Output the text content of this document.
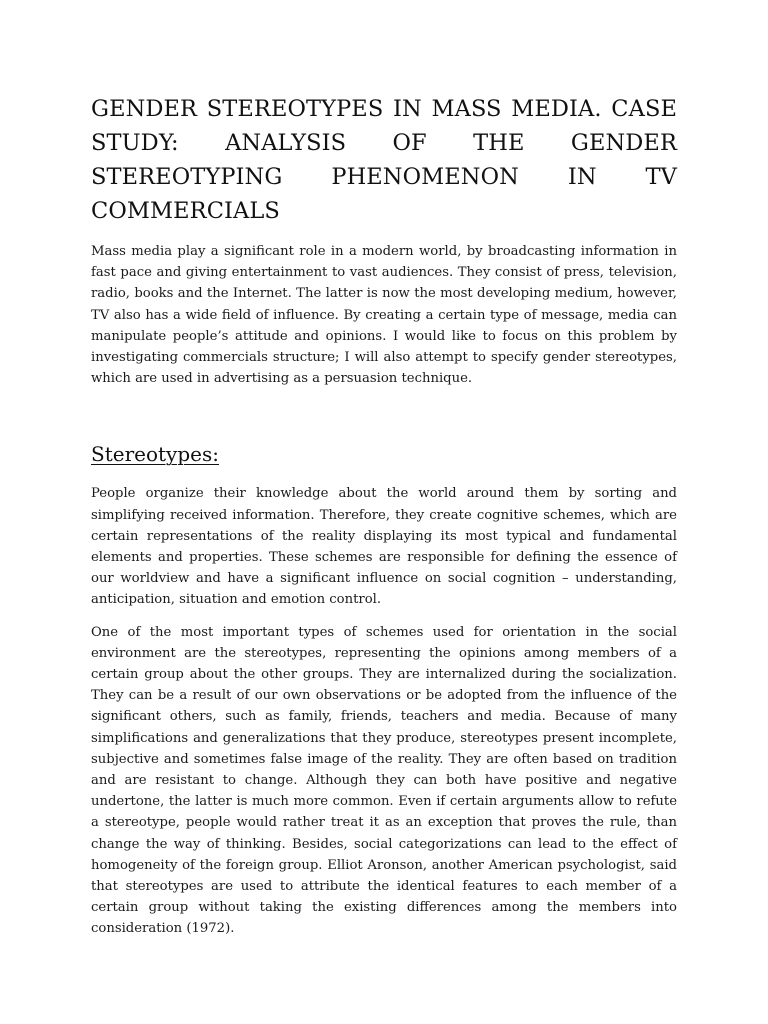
GENDER STEREOTYPES IN MASS MEDIA. CASE STUDY: ANALYSIS OF THE GENDER STEREOTYPING PHENOMENON IN TV COMMERCIALS

Mass media play a significant role in a modern world, by broadcasting information in fast pace and giving entertainment to vast audiences. They consist of press, television, radio, books and the Internet. The latter is now the most developing medium, however, TV also has a wide field of influence. By creating a certain type of message, media can manipulate people’s attitude and opinions. I would like to focus on this problem by investigating commercials structure; I will also attempt to specify gender stereotypes, which are used in advertising as a persuasion technique.

Stereotypes:

People organize their knowledge about the world around them by sorting and simplifying received information. Therefore, they create cognitive schemes, which are certain representations of the reality displaying its most typical and fundamental elements and properties. These schemes are responsible for defining the essence of our worldview and have a significant influence on social cognition – understanding, anticipation, situation and emotion control.

One of the most important types of schemes used for orientation in the social environment are the stereotypes, representing the opinions among members of a certain group about the other groups. They are internalized during the socialization. They can be a result of our own observations or be adopted from the influence of the significant others, such as family, friends, teachers and media. Because of many simplifications and generalizations that they produce, stereotypes present incomplete, subjective and sometimes false image of the reality. They are often based on tradition and are resistant to change. Although they can both have positive and negative undertone, the latter is much more common. Even if certain arguments allow to refute a stereotype, people would rather treat it as an exception that proves the rule, than change the way of thinking. Besides, social categorizations can lead to the effect of homogeneity of the foreign group. Elliot Aronson, another American psychologist, said that stereotypes are used to attribute the identical features to each member of a certain group without taking the existing differences among the members into consideration (1972).
